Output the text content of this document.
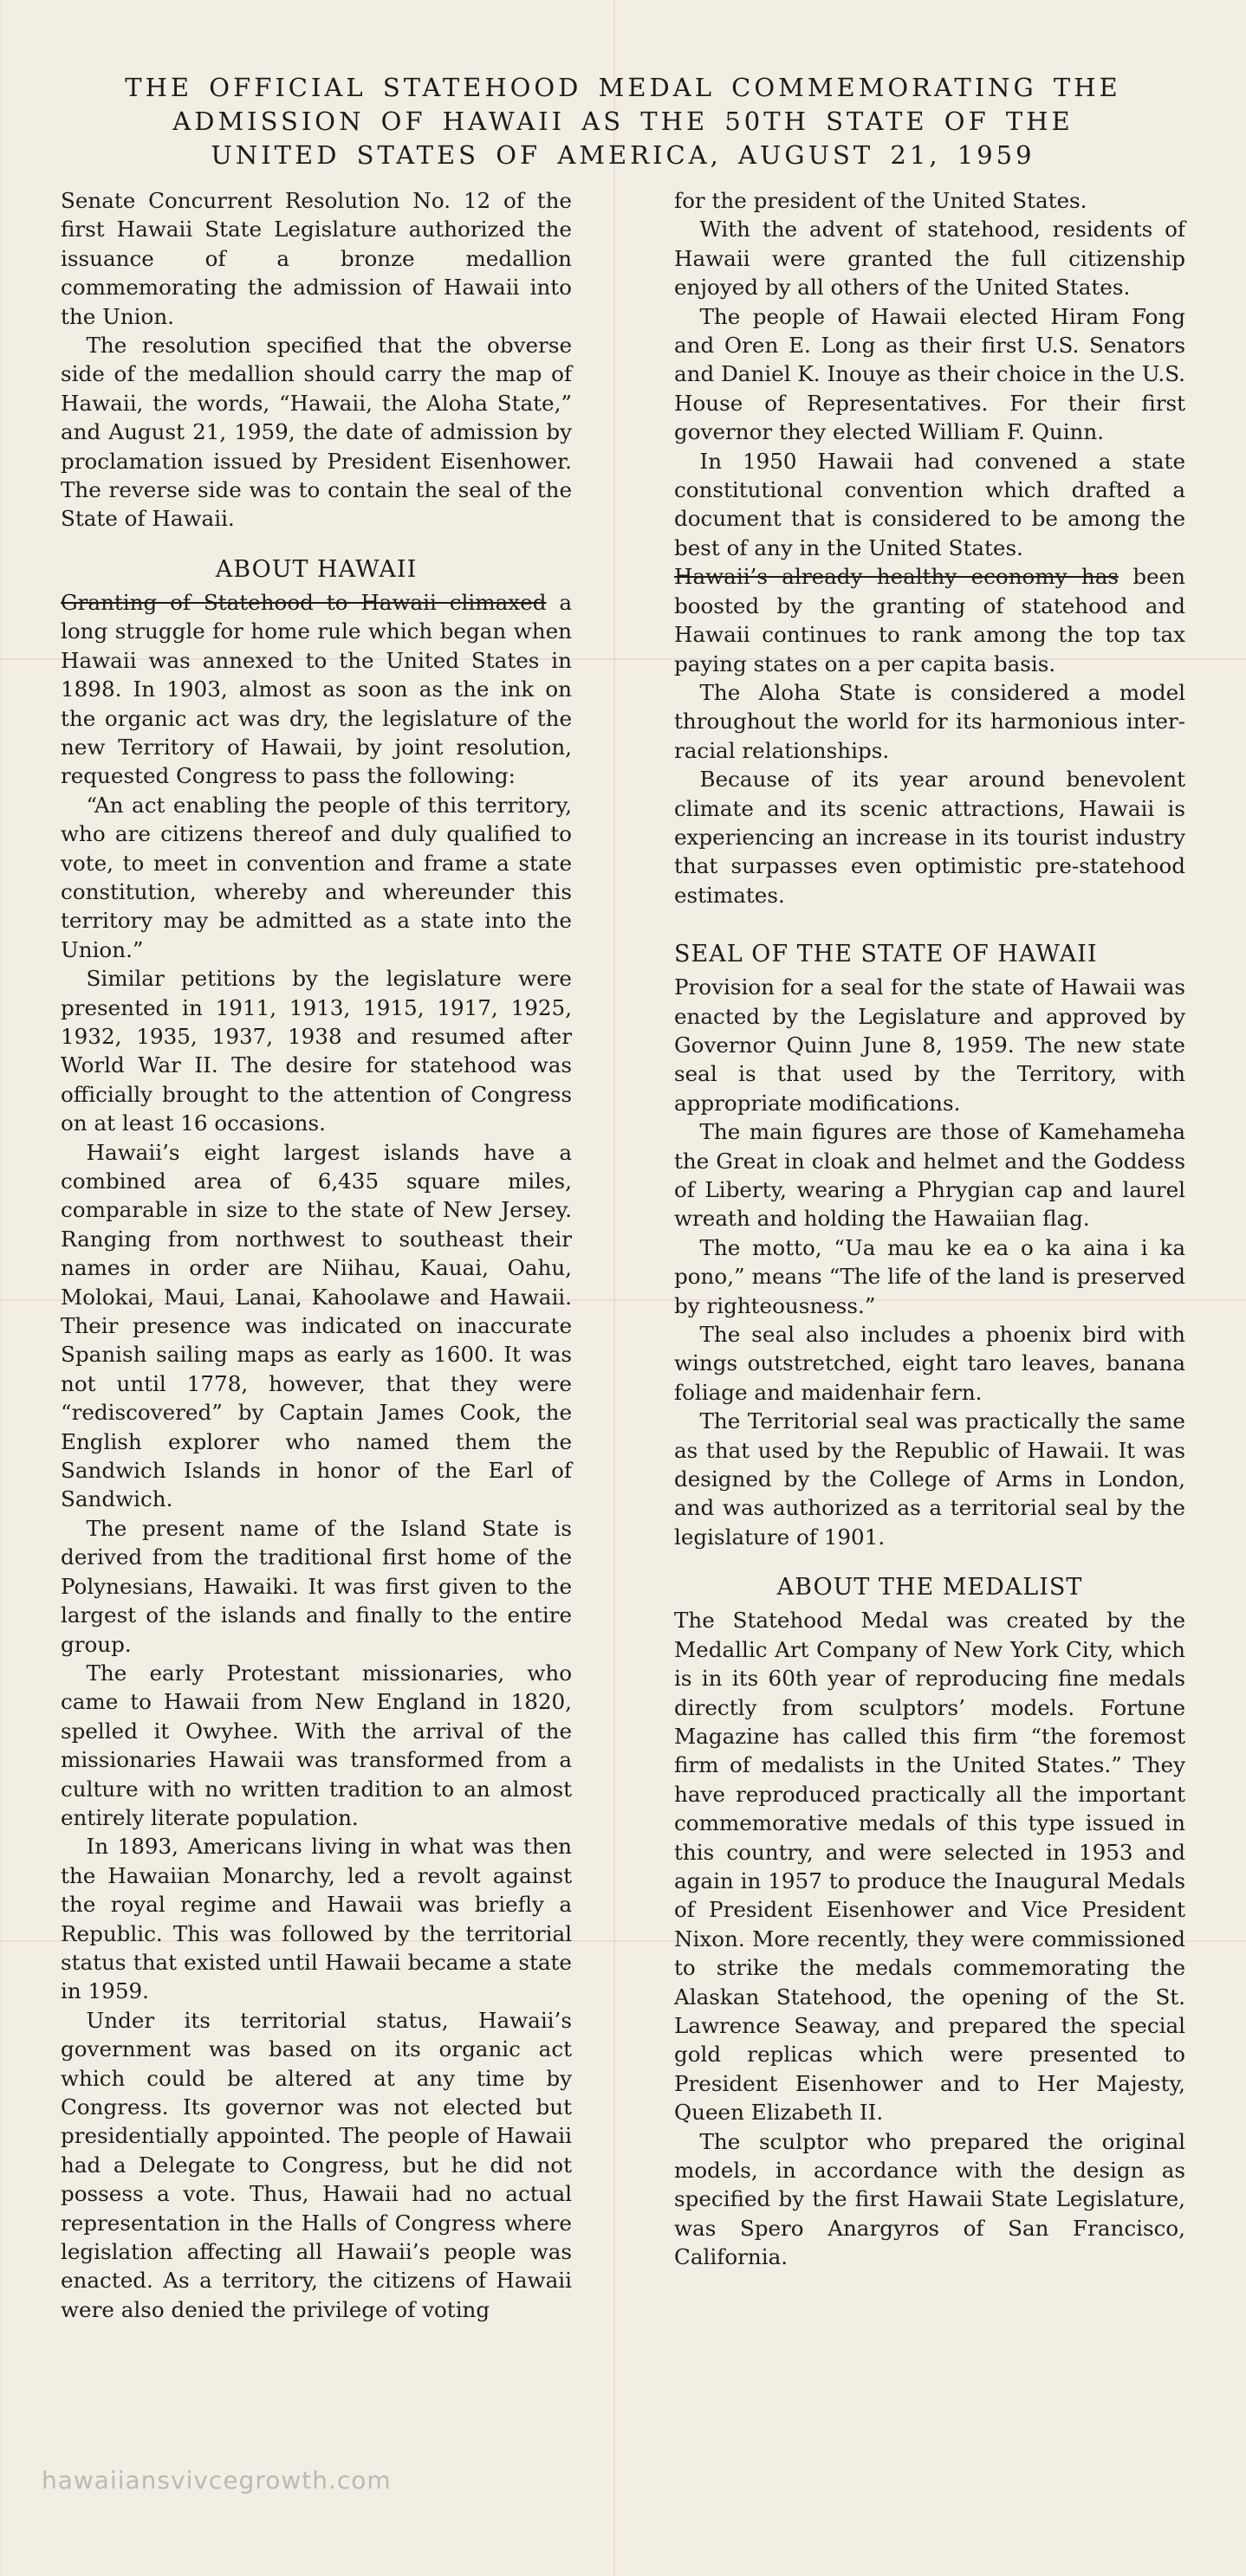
THE OFFICIAL STATEHOOD MEDAL COMMEMORATING THE
ADMISSION OF HAWAII AS THE 50TH STATE OF THE
UNITED STATES OF AMERICA, AUGUST 21, 1959

Senate Concurrent Resolution No. 12 of the first Hawaii State Legislature authorized the issuance of a bronze medallion commemorating the admission of Hawaii into the Union.

The resolution specified that the obverse side of the medallion should carry the map of Hawaii, the words, “Hawaii, the Aloha State,” and August 21, 1959, the date of admission by proclamation issued by President Eisenhower. The reverse side was to contain the seal of the State of Hawaii.

ABOUT HAWAII

Granting of Statehood to Hawaii climaxed a long struggle for home rule which began when Hawaii was annexed to the United States in 1898. In 1903, almost as soon as the ink on the organic act was dry, the legislature of the new Territory of Hawaii, by joint resolution, requested Congress to pass the following:

“An act enabling the people of this territory, who are citizens thereof and duly qualified to vote, to meet in convention and frame a state constitution, whereby and whereunder this territory may be admitted as a state into the Union.”

Similar petitions by the legislature were presented in 1911, 1913, 1915, 1917, 1925, 1932, 1935, 1937, 1938 and resumed after World War II. The desire for statehood was officially brought to the attention of Congress on at least 16 occasions.

Hawaii’s eight largest islands have a combined area of 6,435 square miles, comparable in size to the state of New Jersey. Ranging from northwest to southeast their names in order are Niihau, Kauai, Oahu, Molokai, Maui, Lanai, Kahoolawe and Hawaii. Their presence was indicated on inaccurate Spanish sailing maps as early as 1600. It was not until 1778, however, that they were “rediscovered” by Captain James Cook, the English explorer who named them the Sandwich Islands in honor of the Earl of Sandwich.

The present name of the Island State is derived from the traditional first home of the Polynesians, Hawaiki. It was first given to the largest of the islands and finally to the entire group.

The early Protestant missionaries, who came to Hawaii from New England in 1820, spelled it Owyhee. With the arrival of the missionaries Hawaii was transformed from a culture with no written tradition to an almost entirely literate population.

In 1893, Americans living in what was then the Hawaiian Monarchy, led a revolt against the royal regime and Hawaii was briefly a Republic. This was followed by the territorial status that existed until Hawaii became a state in 1959.

Under its territorial status, Hawaii’s government was based on its organic act which could be altered at any time by Congress. Its governor was not elected but presidentially appointed. The people of Hawaii had a Delegate to Congress, but he did not possess a vote. Thus, Hawaii had no actual representation in the Halls of Congress where legislation affecting all Hawaii’s people was enacted. As a territory, the citizens of Hawaii were also denied the privilege of voting

for the president of the United States.

With the advent of statehood, residents of Hawaii were granted the full citizenship enjoyed by all others of the United States.

The people of Hawaii elected Hiram Fong and Oren E. Long as their first U.S. Senators and Daniel K. Inouye as their choice in the U.S. House of Representatives. For their first governor they elected William F. Quinn.

In 1950 Hawaii had convened a state constitutional convention which drafted a document that is considered to be among the best of any in the United States.

Hawaii’s already healthy economy has been boosted by the granting of statehood and Hawaii continues to rank among the top tax paying states on a per capita basis.

The Aloha State is considered a model throughout the world for its harmonious inter-racial relationships.

Because of its year around benevolent climate and its scenic attractions, Hawaii is experiencing an increase in its tourist industry that surpasses even optimistic pre-statehood estimates.

SEAL OF THE STATE OF HAWAII

Provision for a seal for the state of Hawaii was enacted by the Legislature and approved by Governor Quinn June 8, 1959. The new state seal is that used by the Territory, with appropriate modifications.

The main figures are those of Kamehameha the Great in cloak and helmet and the Goddess of Liberty, wearing a Phrygian cap and laurel wreath and holding the Hawaiian flag.

The motto, “Ua mau ke ea o ka aina i ka pono,” means “The life of the land is preserved by righteousness.”

The seal also includes a phoenix bird with wings outstretched, eight taro leaves, banana foliage and maidenhair fern.

The Territorial seal was practically the same as that used by the Republic of Hawaii. It was designed by the College of Arms in London, and was authorized as a territorial seal by the legislature of 1901.

ABOUT THE MEDALIST

The Statehood Medal was created by the Medallic Art Company of New York City, which is in its 60th year of reproducing fine medals directly from sculptors’ models. Fortune Magazine has called this firm “the foremost firm of medalists in the United States.” They have reproduced practically all the important commemorative medals of this type issued in this country, and were selected in 1953 and again in 1957 to produce the Inaugural Medals of President Eisenhower and Vice President Nixon. More recently, they were commissioned to strike the medals commemorating the Alaskan Statehood, the opening of the St. Lawrence Seaway, and prepared the special gold replicas which were presented to President Eisenhower and to Her Majesty, Queen Elizabeth II.

The sculptor who prepared the original models, in accordance with the design as specified by the first Hawaii State Legislature, was Spero Anargyros of San Francisco, California.

hawaiiansvivcegrowth.com
